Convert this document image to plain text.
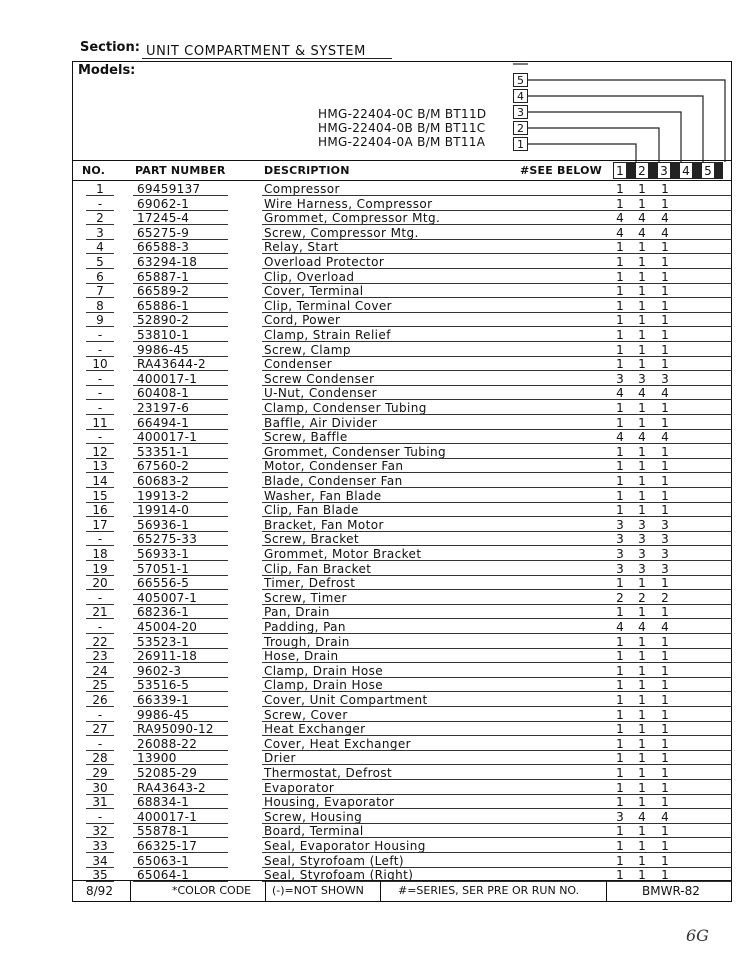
Section: UNIT COMPARTMENT & SYSTEM
Models:
HMG-22404-0C B/M BT11D
HMG-22404-0B B/M BT11C
HMG-22404-0A B/M BT11A
5
4
3
2
1
NO.	PART NUMBER	DESCRIPTION	#SEE BELOW 1 2 3 4 5
1	69459137	Compressor	1 1 1
-	69062-1	Wire Harness, Compressor	1 1 1
2	17245-4	Grommet, Compressor Mtg.	4 4 4
3	65275-9	Screw, Compressor Mtg.	4 4 4
4	66588-3	Relay, Start	1 1 1
5	63294-18	Overload Protector	1 1 1
6	65887-1	Clip, Overload	1 1 1
7	66589-2	Cover, Terminal	1 1 1
8	65886-1	Clip, Terminal Cover	1 1 1
9	52890-2	Cord, Power	1 1 1
-	53810-1	Clamp, Strain Relief	1 1 1
-	9986-45	Screw, Clamp	1 1 1
10	RA43644-2	Condenser	1 1 1
-	400017-1	Screw Condenser	3 3 3
-	60408-1	U-Nut, Condenser	4 4 4
-	23197-6	Clamp, Condenser Tubing	1 1 1
11	66494-1	Baffle, Air Divider	1 1 1
-	400017-1	Screw, Baffle	4 4 4
12	53351-1	Grommet, Condenser Tubing	1 1 1
13	67560-2	Motor, Condenser Fan	1 1 1
14	60683-2	Blade, Condenser Fan	1 1 1
15	19913-2	Washer, Fan Blade	1 1 1
16	19914-0	Clip, Fan Blade	1 1 1
17	56936-1	Bracket, Fan Motor	3 3 3
-	65275-33	Screw, Bracket	3 3 3
18	56933-1	Grommet, Motor Bracket	3 3 3
19	57051-1	Clip, Fan Bracket	3 3 3
20	66556-5	Timer, Defrost	1 1 1
-	405007-1	Screw, Timer	2 2 2
21	68236-1	Pan, Drain	1 1 1
-	45004-20	Padding, Pan	4 4 4
22	53523-1	Trough, Drain	1 1 1
23	26911-18	Hose, Drain	1 1 1
24	9602-3	Clamp, Drain Hose	1 1 1
25	53516-5	Clamp, Drain Hose	1 1 1
26	66339-1	Cover, Unit Compartment	1 1 1
-	9986-45	Screw, Cover	1 1 1
27	RA95090-12	Heat Exchanger	1 1 1
-	26088-22	Cover, Heat Exchanger	1 1 1
28	13900	Drier	1 1 1
29	52085-29	Thermostat, Defrost	1 1 1
30	RA43643-2	Evaporator	1 1 1
31	68834-1	Housing, Evaporator	1 1 1
-	400017-1	Screw, Housing	3 4 4
32	55878-1	Board, Terminal	1 1 1
33	66325-17	Seal, Evaporator Housing	1 1 1
34	65063-1	Seal, Styrofoam (Left)	1 1 1
35	65064-1	Seal, Styrofoam (Right)	1 1 1
8/92	*COLOR CODE (-)=NOT SHOWN	#=SERIES, SER PRE OR RUN NO.	BMWR-82
6G
